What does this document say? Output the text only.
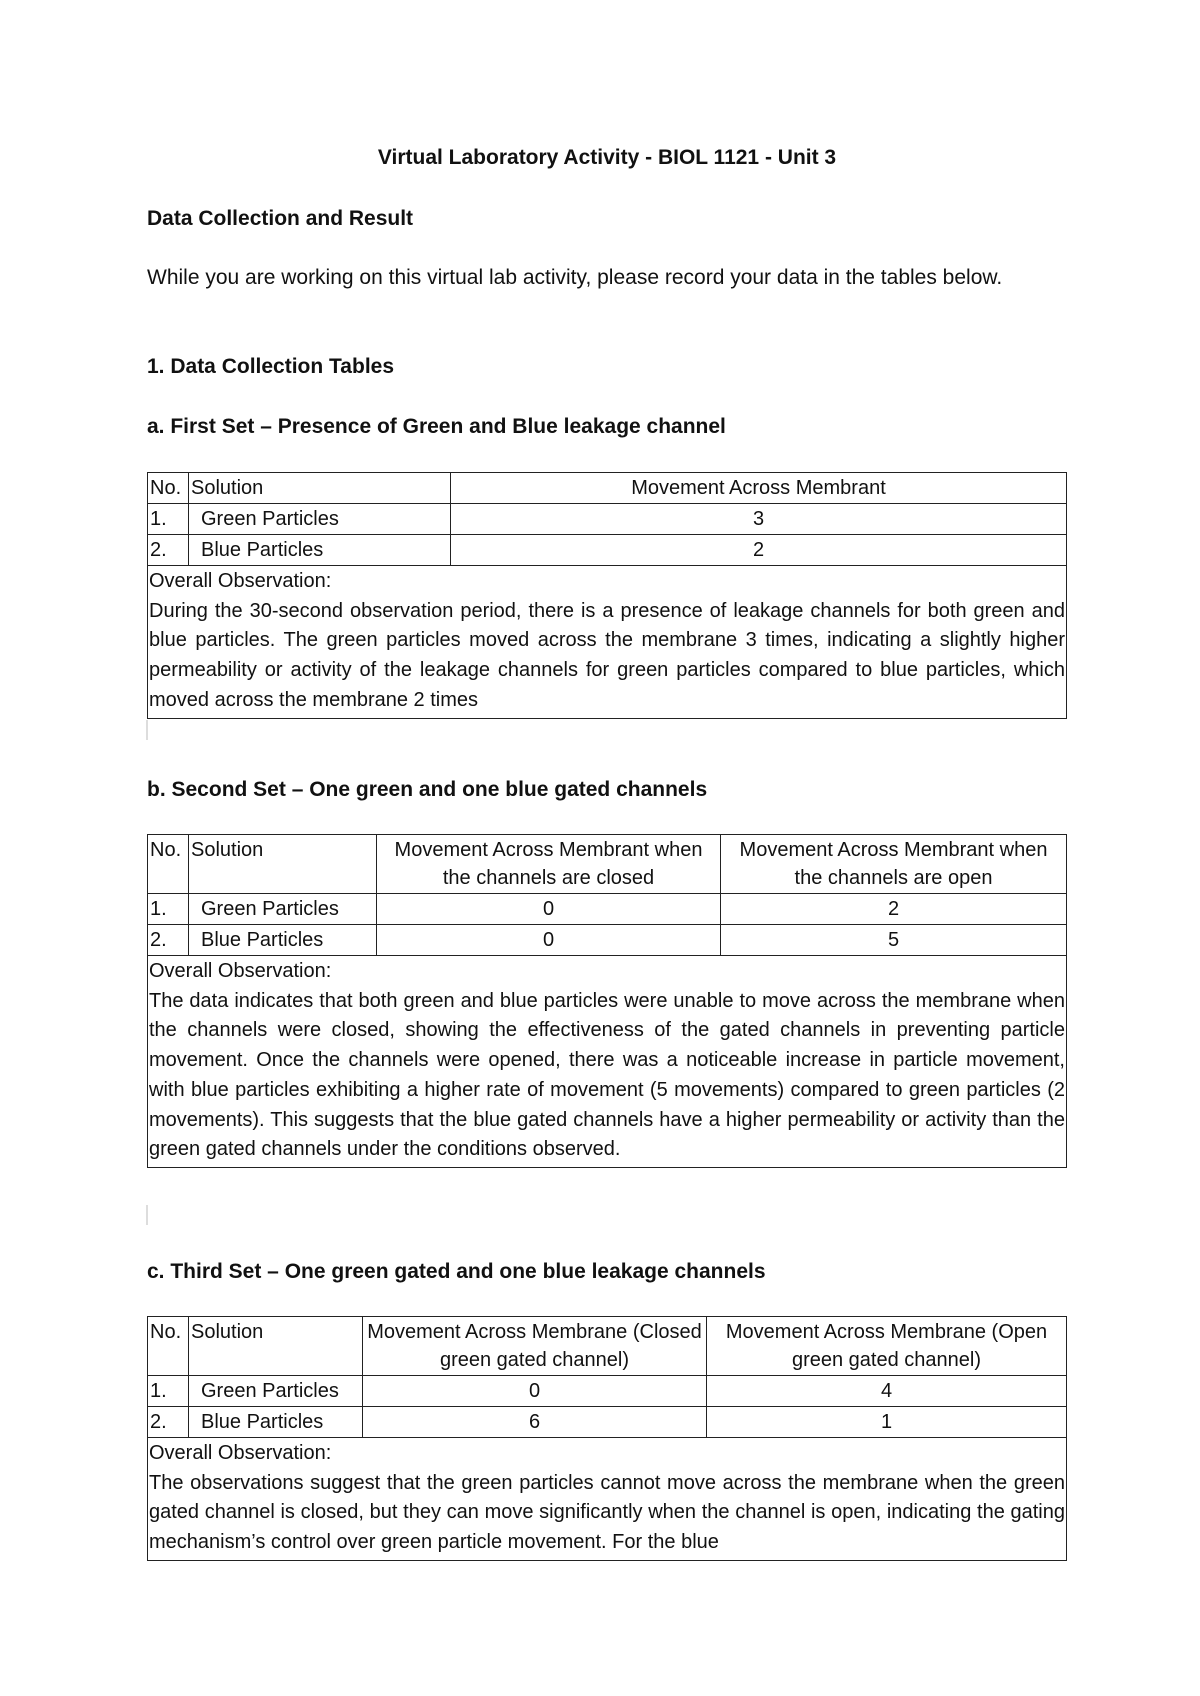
Virtual Laboratory Activity - BIOL 1121 - Unit 3
Data Collection and Result
While you are working on this virtual lab activity, please record your data in the tables below.
1. Data Collection Tables
a. First Set – Presence of Green and Blue leakage channel
No.	Solution	Movement Across Membrant
1.	Green Particles	3
2.	Blue Particles	2

Overall Observation:
During the 30-second observation period, there is a presence of leakage channels for both green and blue particles. The green particles moved across the membrane 3 times, indicating a slightly higher permeability or activity of the leakage channels for green particles compared to blue particles, which moved across the membrane 2 times		
b. Second Set – One green and one blue gated channels
No.	Solution	Movement Across Membrant when the channels are closed	Movement Across Membrant when the channels are open
1.	Green Particles	0	2
2.	Blue Particles	0	5

Overall Observation:
The data indicates that both green and blue particles were unable to move across the membrane when the channels were closed, showing the effectiveness of the gated channels in preventing particle movement. Once the channels were opened, there was a noticeable increase in particle movement, with blue particles exhibiting a higher rate of movement (5 movements) compared to green particles (2 movements). This suggests that the blue gated channels have a higher permeability or activity than the green gated channels under the conditions observed.			
c. Third Set – One green gated and one blue leakage channels
No.	Solution	Movement Across Membrane (Closed green gated channel)	Movement Across Membrane (Open green gated channel)
1.	Green Particles	0	4
2.	Blue Particles	6	1

Overall Observation:
The observations suggest that the green particles cannot move across the membrane when the green gated channel is closed, but they can move significantly when the channel is open, indicating the gating mechanism’s control over green particle movement. For the blue			
